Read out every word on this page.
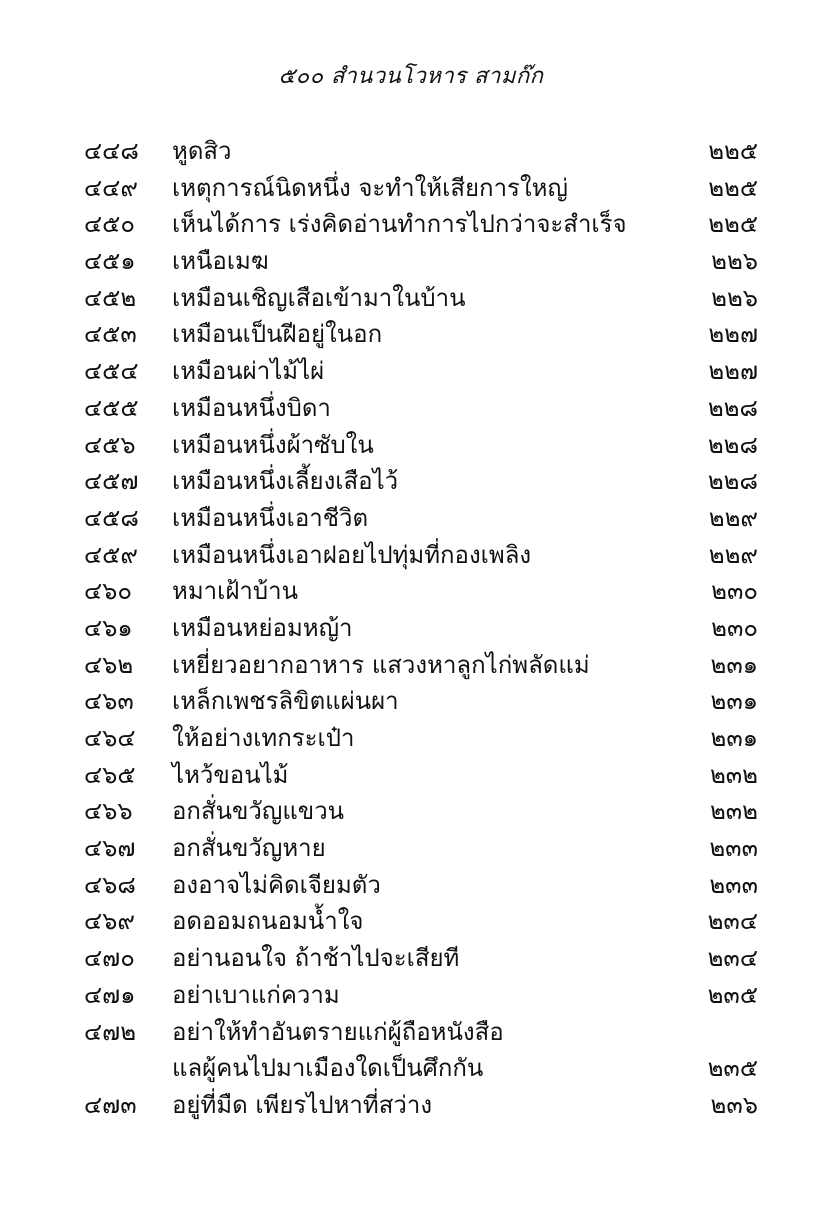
๕๐๐ สำนวนโวหาร สามก๊ก
๔๔๘ หูดสิว	๒๒๕
๔๔๙ เหตุการณ์นิดหนึ่ง จะทำให้เสียการใหญ่	๒๒๕
๔๕๐ เห็นได้การ เร่งคิดอ่านทำการไปกว่าจะสำเร็จ	๒๒๕
๔๕๑ เหนือเมฆ	๒๒๖
๔๕๒ เหมือนเชิญเสือเข้ามาในบ้าน	๒๒๖
๔๕๓ เหมือนเป็นฝีอยู่ในอก	๒๒๗
๔๕๔ เหมือนผ่าไม้ไผ่	๒๒๗
๔๕๕ เหมือนหนึ่งบิดา	๒๒๘
๔๕๖ เหมือนหนึ่งผ้าซับใน	๒๒๘
๔๕๗ เหมือนหนึ่งเลี้ยงเสือไว้	๒๒๘
๔๕๘ เหมือนหนึ่งเอาชีวิต	๒๒๙
๔๕๙ เหมือนหนึ่งเอาฝอยไปทุ่มที่กองเพลิง	๒๒๙
๔๖๐ หมาเฝ้าบ้าน	๒๓๐
๔๖๑ เหมือนหย่อมหญ้า	๒๓๐
๔๖๒ เหยี่ยวอยากอาหาร แสวงหาลูกไก่พลัดแม่	๒๓๑
๔๖๓ เหล็กเพชรลิขิตแผ่นผา	๒๓๑
๔๖๔ ให้อย่างเทกระเป๋า	๒๓๑
๔๖๕ ไหว้ขอนไม้	๒๓๒
๔๖๖ อกสั่นขวัญแขวน	๒๓๒
๔๖๗ อกสั่นขวัญหาย	๒๓๓
๔๖๘ องอาจไม่คิดเจียมตัว	๒๓๓
๔๖๙ อดออมถนอมน้ำใจ	๒๓๔
๔๗๐ อย่านอนใจ ถ้าช้าไปจะเสียที	๒๓๔
๔๗๑ อย่าเบาแก่ความ	๒๓๕
๔๗๒ อย่าให้ทำอันตรายแก่ผู้ถือหนังสือ
แลผู้คนไปมาเมืองใดเป็นศึกกัน	๒๓๕
๔๗๓ อยู่ที่มืด เพียรไปหาที่สว่าง	๒๓๖
